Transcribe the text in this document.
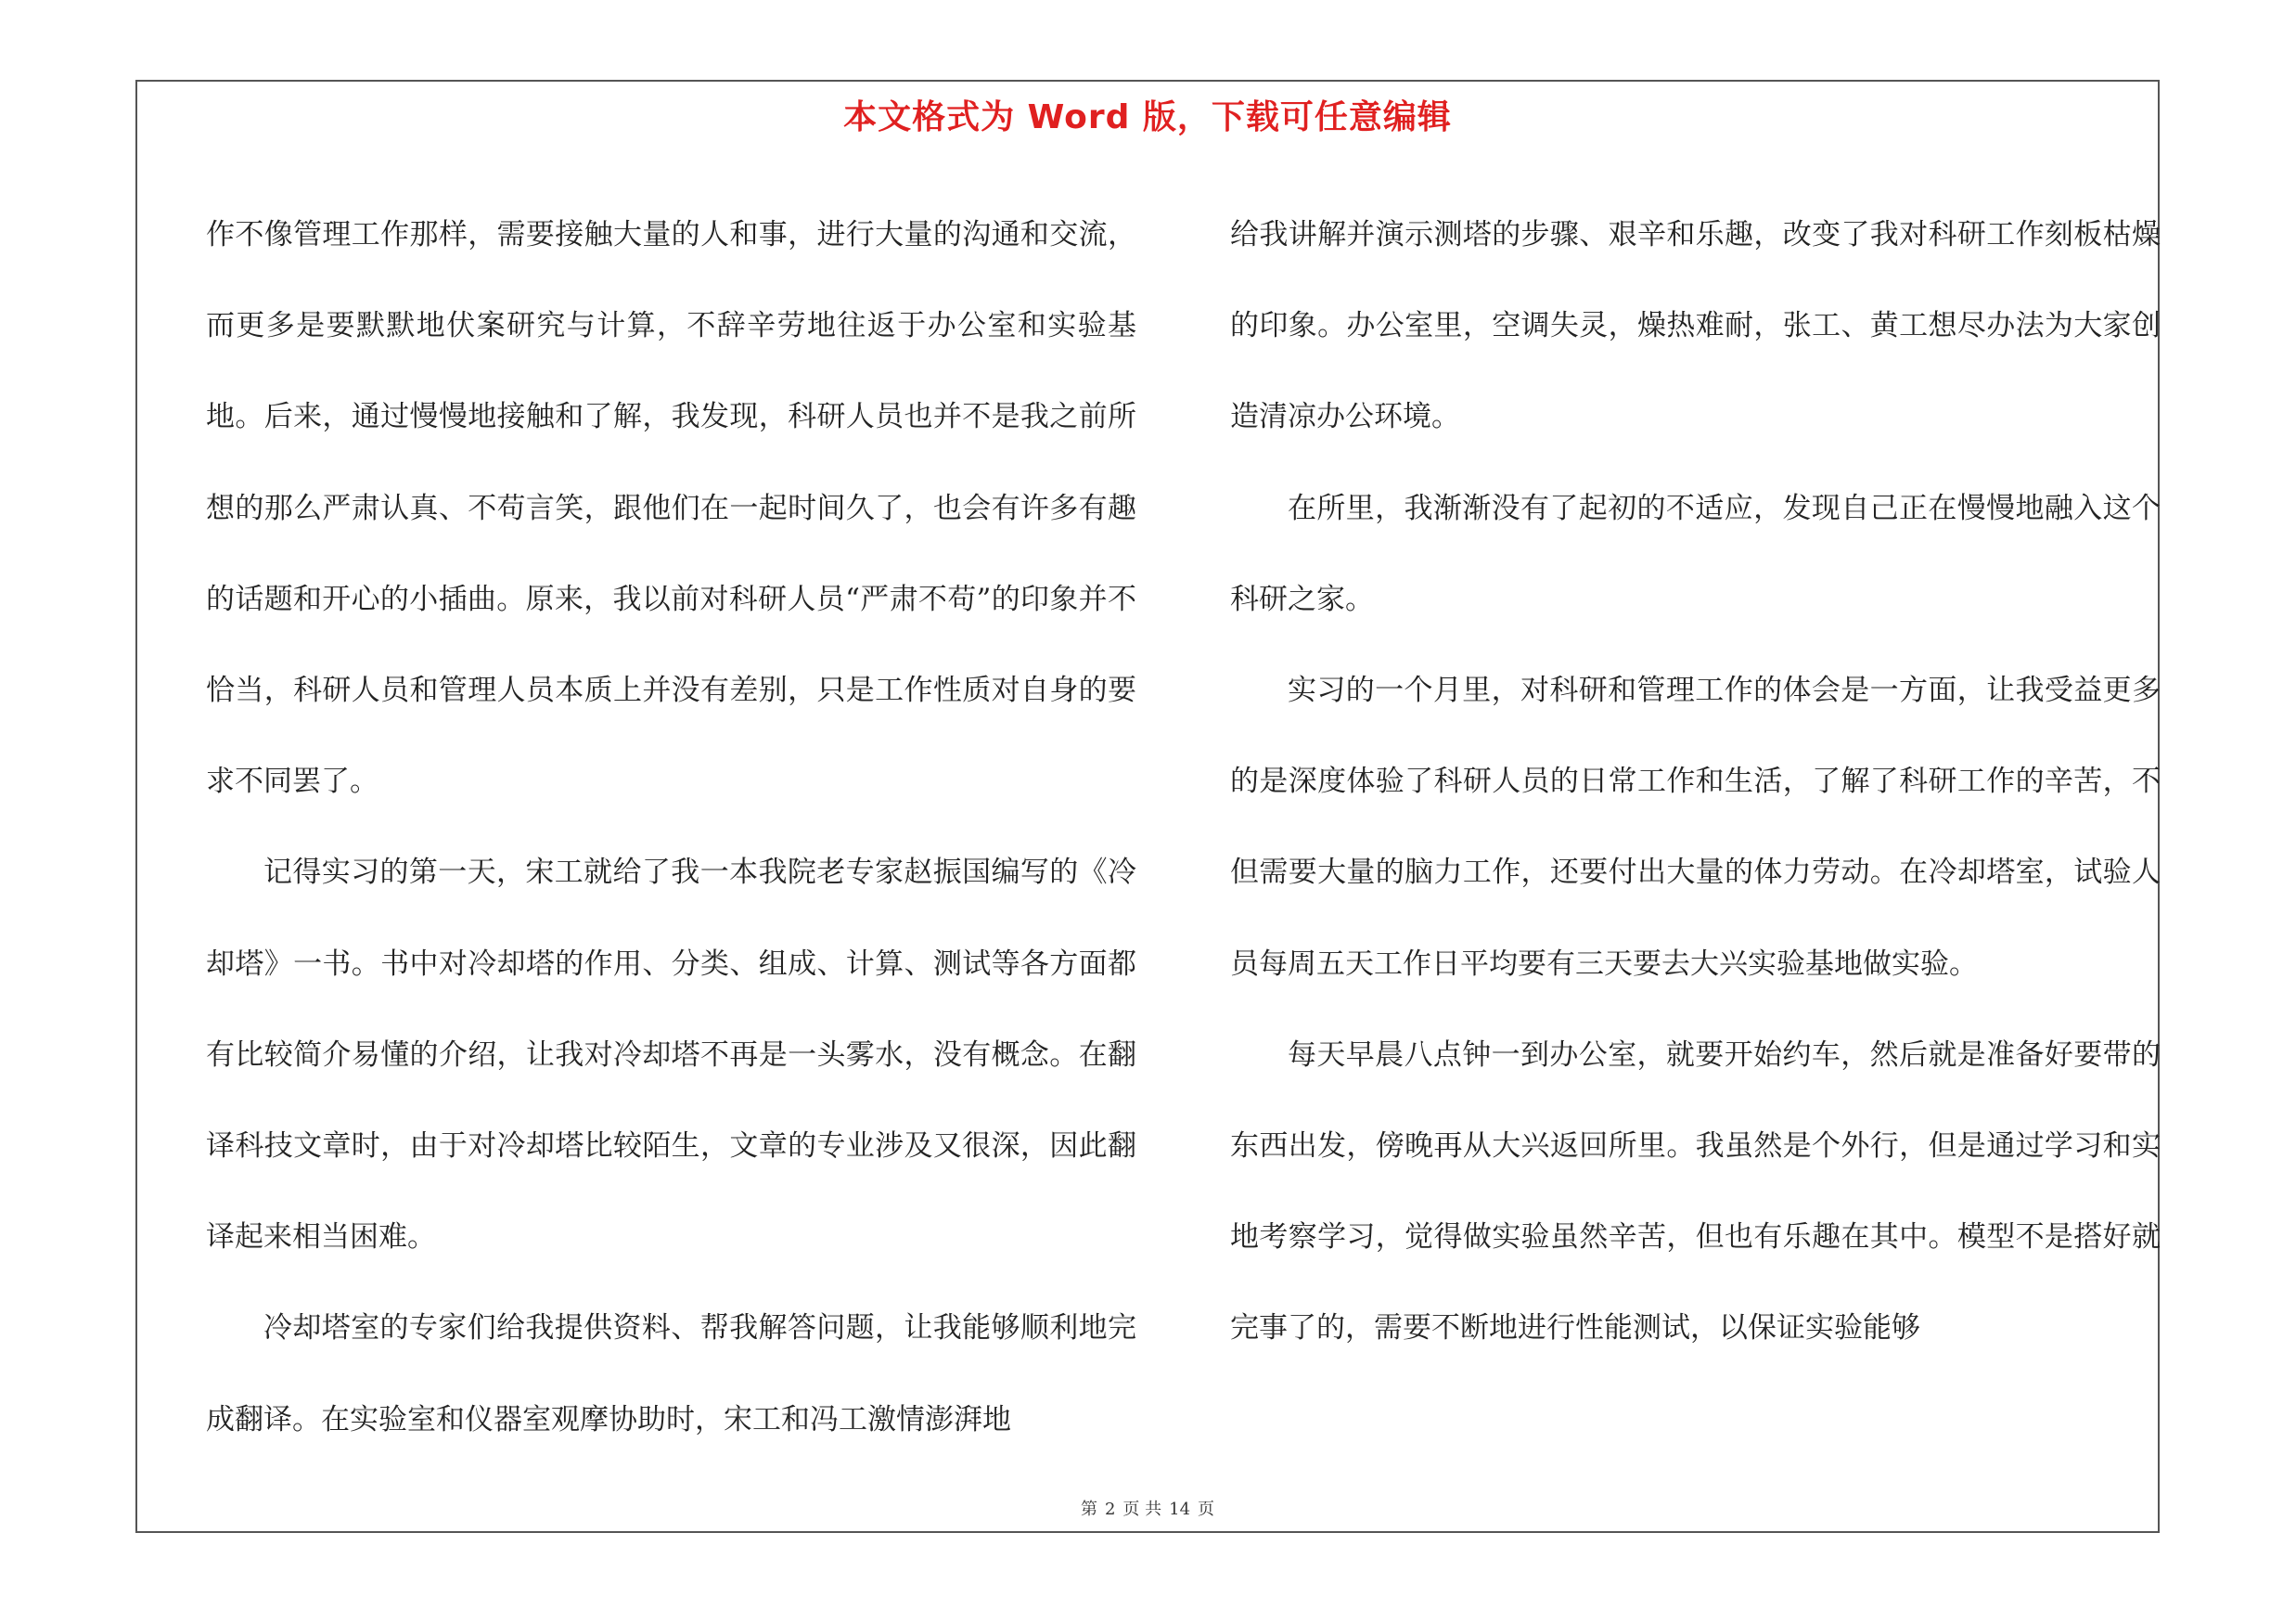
本文格式为 Word 版，下载可任意编辑

作不像管理工作那样，需要接触大量的人和事，进行大量的沟通和交流，而更多是要默默地伏案研究与计算，不辞辛劳地往返于办公室和实验基地。后来，通过慢慢地接触和了解，我发现，科研人员也并不是我之前所想的那么严肃认真、不苟言笑，跟他们在一起时间久了，也会有许多有趣的话题和开心的小插曲。原来，我以前对科研人员“严肃不苟”的印象并不恰当，科研人员和管理人员本质上并没有差别，只是工作性质对自身的要求不同罢了。

记得实习的第一天，宋工就给了我一本我院老专家赵振国编写的《冷却塔》一书。书中对冷却塔的作用、分类、组成、计算、测试等各方面都有比较简介易懂的介绍，让我对冷却塔不再是一头雾水，没有概念。在翻译科技文章时，由于对冷却塔比较陌生，文章的专业涉及又很深，因此翻译起来相当困难。

冷却塔室的专家们给我提供资料、帮我解答问题，让我能够顺利地完成翻译。在实验室和仪器室观摩协助时，宋工和冯工激情澎湃地

给我讲解并演示测塔的步骤、艰辛和乐趣，改变了我对科研工作刻板枯燥的印象。办公室里，空调失灵，燥热难耐，张工、黄工想尽办法为大家创造清凉办公环境。

在所里，我渐渐没有了起初的不适应，发现自己正在慢慢地融入这个科研之家。

实习的一个月里，对科研和管理工作的体会是一方面，让我受益更多的是深度体验了科研人员的日常工作和生活，了解了科研工作的辛苦，不但需要大量的脑力工作，还要付出大量的体力劳动。在冷却塔室，试验人员每周五天工作日平均要有三天要去大兴实验基地做实验。

每天早晨八点钟一到办公室，就要开始约车，然后就是准备好要带的东西出发，傍晚再从大兴返回所里。我虽然是个外行，但是通过学习和实地考察学习，觉得做实验虽然辛苦，但也有乐趣在其中。模型不是搭好就完事了的，需要不断地进行性能测试，以保证实验能够

第 2 页 共 14 页
